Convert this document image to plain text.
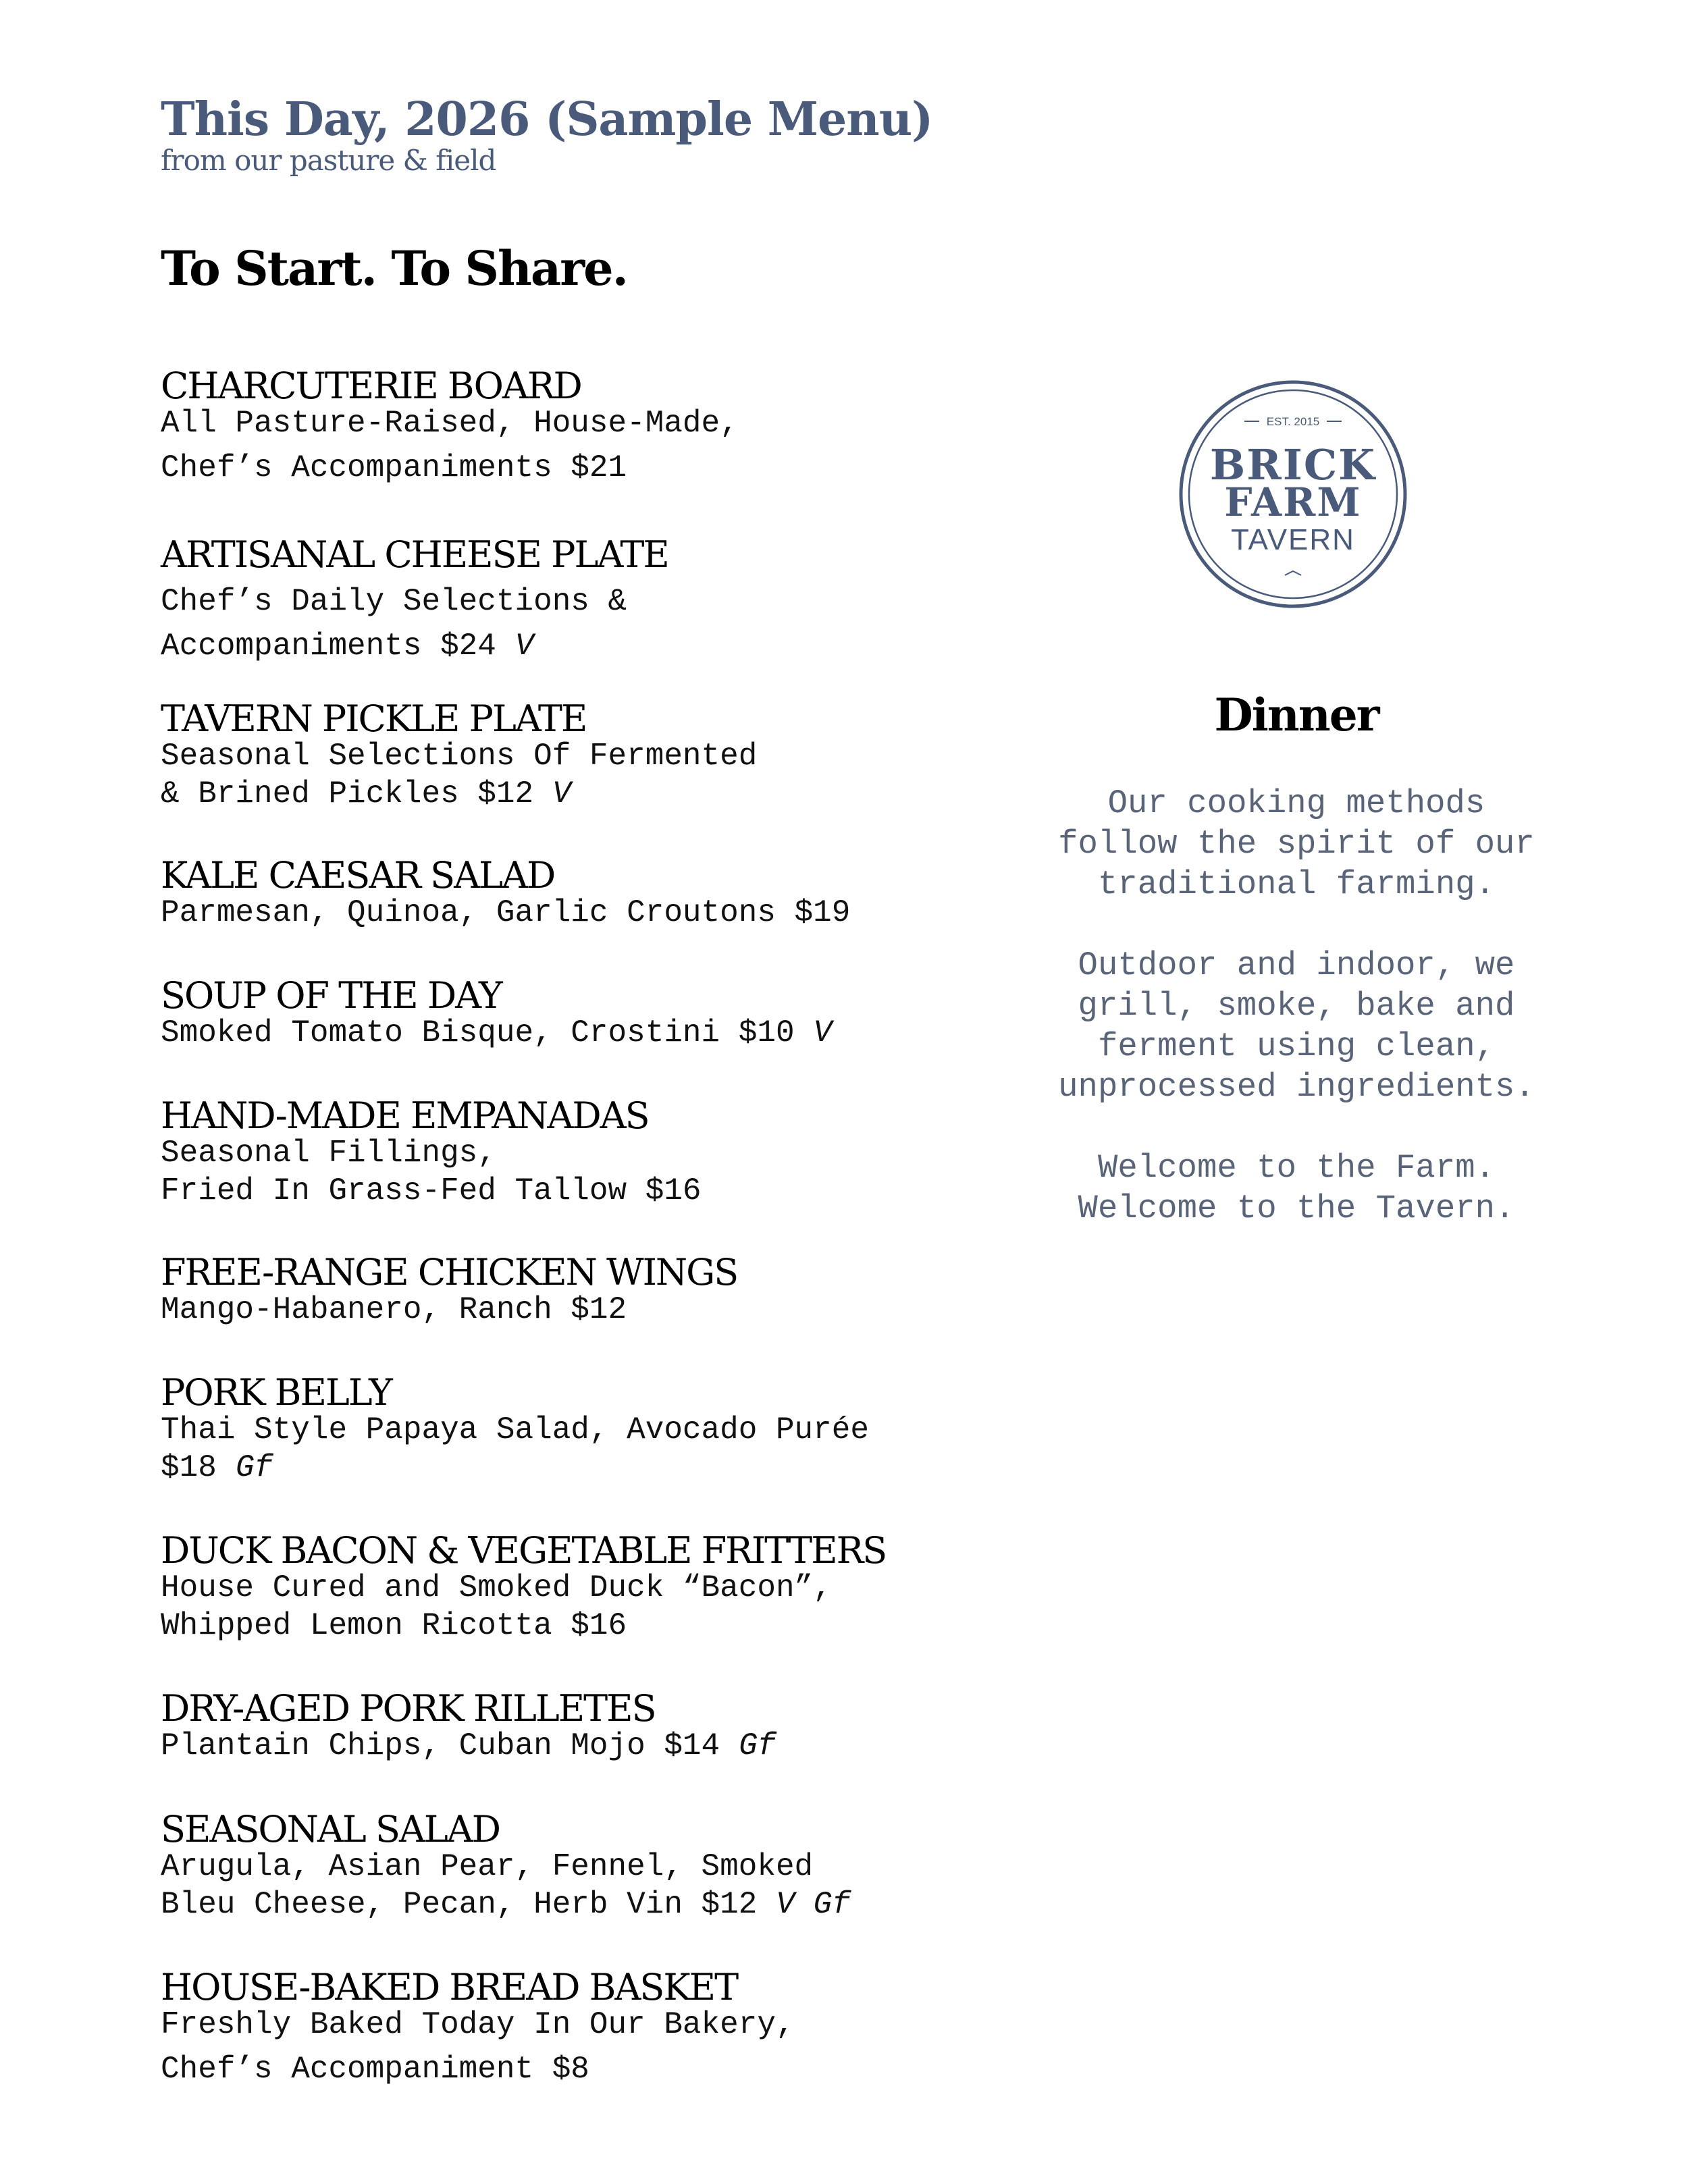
This Day, 2026 (Sample Menu)

from our pasture & field

To Start. To Share.
CHARCUTERIE BOARD
All Pasture-Raised, House-Made,
Chef’s Accompaniments $21
ARTISANAL CHEESE PLATE
Chef’s Daily Selections &
Accompaniments $24 V
TAVERN PICKLE PLATE
Seasonal Selections Of Fermented
& Brined Pickles $12 V
KALE CAESAR SALAD
Parmesan, Quinoa, Garlic Croutons $19
SOUP OF THE DAY
Smoked Tomato Bisque, Crostini $10 V
HAND-MADE EMPANADAS
Seasonal Fillings,
Fried In Grass-Fed Tallow $16
FREE-RANGE CHICKEN WINGS
Mango-Habanero, Ranch $12
PORK BELLY
Thai Style Papaya Salad, Avocado Purée
$18 Gf
DUCK BACON & VEGETABLE FRITTERS
House Cured and Smoked Duck “Bacon”,
Whipped Lemon Ricotta $16
DRY-AGED PORK RILLETES
Plantain Chips, Cuban Mojo $14 Gf
SEASONAL SALAD
Arugula, Asian Pear, Fennel, Smoked
Bleu Cheese, Pecan, Herb Vin $12 V Gf
HOUSE-BAKED BREAD BASKET
Freshly Baked Today In Our Bakery,
Chef’s Accompaniment $8
EST. 2015
BRICK
FARM
TAVERN
Dinner
Our cooking methods
follow the spirit of our
traditional farming.
Outdoor and indoor, we
grill, smoke, bake and
ferment using clean,
unprocessed ingredients.
Welcome to the Farm.
Welcome to the Tavern.
